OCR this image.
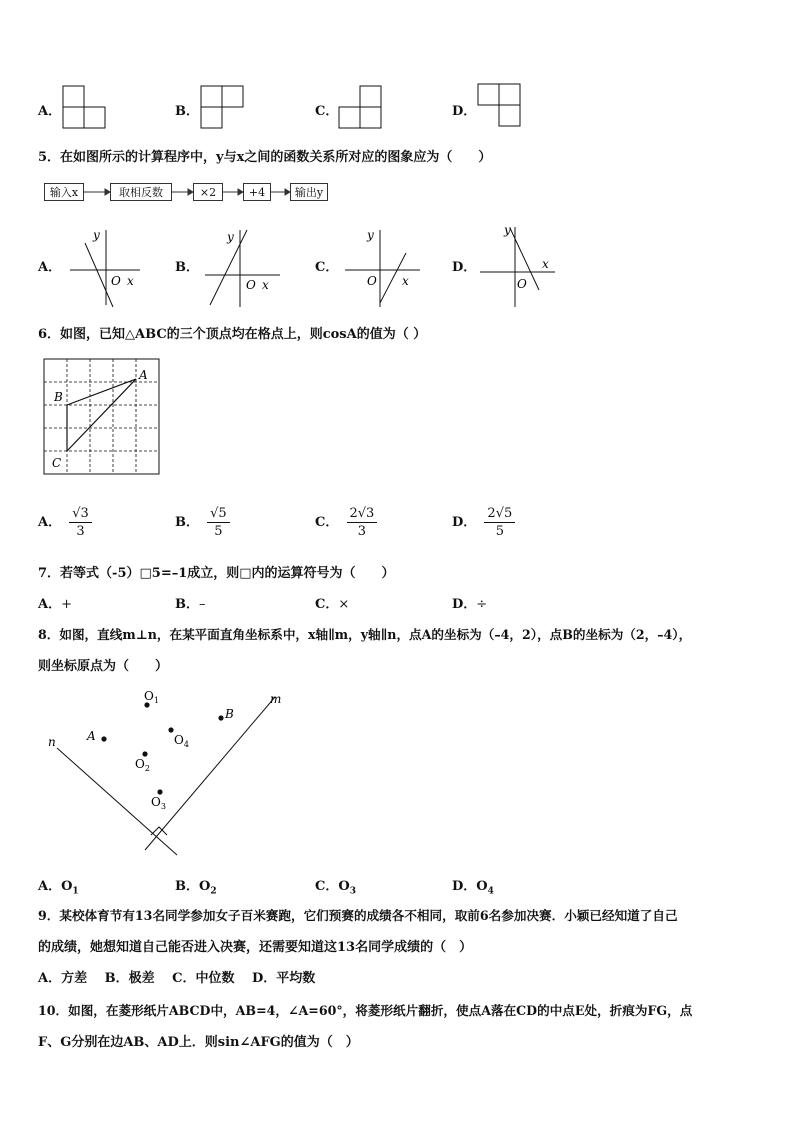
A．	B．	C．	D．
5．在如图所示的计算程序中，y与x之间的函数关系所对应的图象应为（　　）
输入x	取相反数	×2	+4	输出y
A．
y
O x
B．
y
O x
C．
y
O x
D．
y
O
x
6．如图，已知△ABC的三个顶点均在格点上，则cosA的值为（ ）
A
B
C
A． $\frac{√3}{3}$	B． $\frac{√5}{5}$	C． $\frac{2√3}{3}$	D． $\frac{2√5}{5}$
7．若等式（-5）□5=–1成立，则□内的运算符号为（　　）
A．+	B．–	C．×	D．÷
8．如图，直线m⊥n，在某平面直角坐标系中，x轴∥m，y轴∥n，点A的坐标为（–4，2），点B的坐标为（2，–4），
则坐标原点为（　　）
m
n	A
B
$O_1$
$O_2$
$O_3$
$O_4$
A．$O_1$	B．$O_2$	C．$O_3$	D．$O_4$
9．某校体育节有13名同学参加女子百米赛跑，它们预赛的成绩各不相同，取前6名参加决赛．小颖已经知道了自己
的成绩，她想知道自己能否进入决赛，还需要知道这13名同学成绩的（　）
A．方差　 B．极差　 C．中位数　 D．平均数
10．如图，在菱形纸片ABCD中，AB=4，∠A=60°，将菱形纸片翻折，使点A落在CD的中点E处，折痕为FG，点
F、G分别在边AB、AD上．则sin∠AFG的值为（　）
